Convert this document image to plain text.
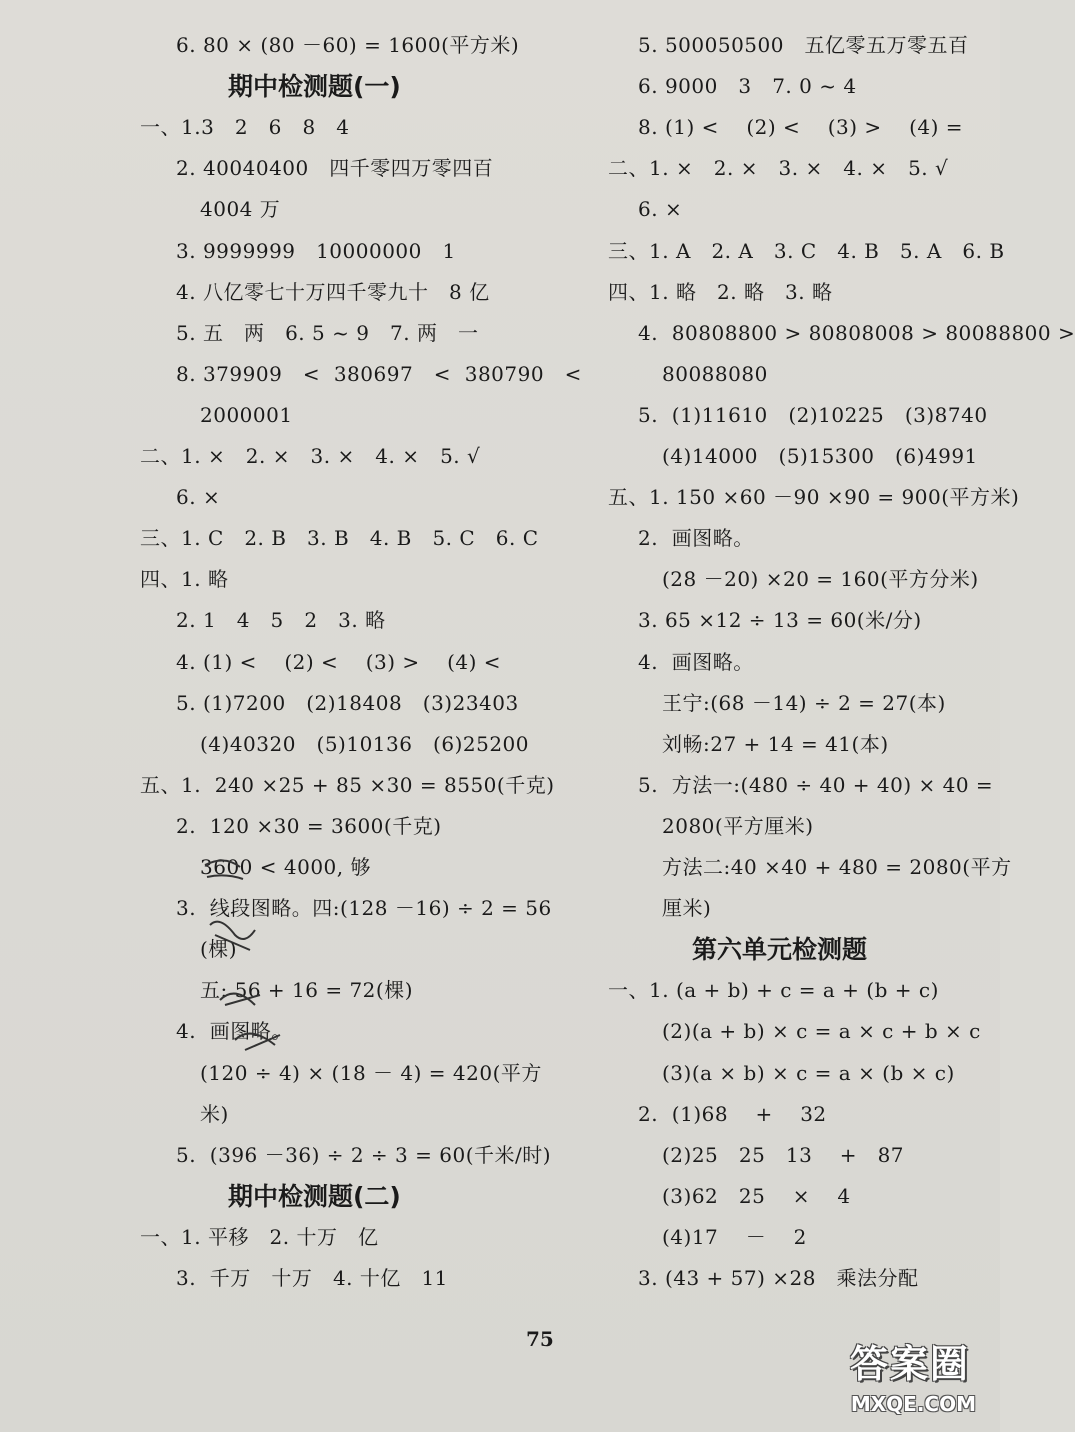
6. 80 × (80 －60) = 1600(平方米)
期中检测题(一)
一、1.3   2   6   8   4
2. 40040400   四千零四万零四百
4004 万
3. 9999999   10000000   1
4. 八亿零七十万四千零九十   8 亿
5. 五   两   6. 5 ~ 9   7. 两   一
8. 379909   <  380697   <  380790   <
2000001
二、1. ×   2. ×   3. ×   4. ×   5. √
6. ×
三、1. C   2. B   3. B   4. B   5. C   6. C
四、1. 略
2. 1   4   5   2   3. 略
4. (1) <    (2) <    (3) >    (4) <
5. (1)7200   (2)18408   (3)23403
(4)40320   (5)10136   (6)25200
五、1.  240 ×25 + 85 ×30 = 8550(千克)
2.  120 ×30 = 3600(千克)
3600 < 4000, 够
3.  线段图略。四:(128 －16) ÷ 2 = 56
(棵)
五: 56 + 16 = 72(棵)
4.  画图略。
(120 ÷ 4) × (18 － 4) = 420(平方
米)
5.  (396 －36) ÷ 2 ÷ 3 = 60(千米/时)
期中检测题(二)
一、1. 平移   2. 十万   亿
3.  千万   十万   4. 十亿   11
5. 500050500   五亿零五万零五百
6. 9000   3   7. 0 ~ 4
8. (1) <    (2) <    (3) >    (4) =
二、1. ×   2. ×   3. ×   4. ×   5. √
6. ×
三、1. A   2. A   3. C   4. B   5. A   6. B
四、1. 略   2. 略   3. 略
4.  80808800 > 80808008 > 80088800 >
80088080
5.  (1)11610   (2)10225   (3)8740
(4)14000   (5)15300   (6)4991
五、1. 150 ×60 －90 ×90 = 900(平方米)
2.  画图略。
(28 －20) ×20 = 160(平方分米)
3. 65 ×12 ÷ 13 = 60(米/分)
4.  画图略。
王宁:(68 －14) ÷ 2 = 27(本)
刘畅:27 + 14 = 41(本)
5.  方法一:(480 ÷ 40 + 40) × 40 =
2080(平方厘米)
方法二:40 ×40 + 480 = 2080(平方
厘米)
第六单元检测题
一、1. (a + b) + c = a + (b + c)
(2)(a + b) × c = a × c + b × c
(3)(a × b) × c = a × (b × c)
2.  (1)68    +    32
(2)25   25   13    +   87
(3)62   25    ×    4
(4)17    －    2
3. (43 + 57) ×28   乘法分配
75
答案圈
MXQE.COM
